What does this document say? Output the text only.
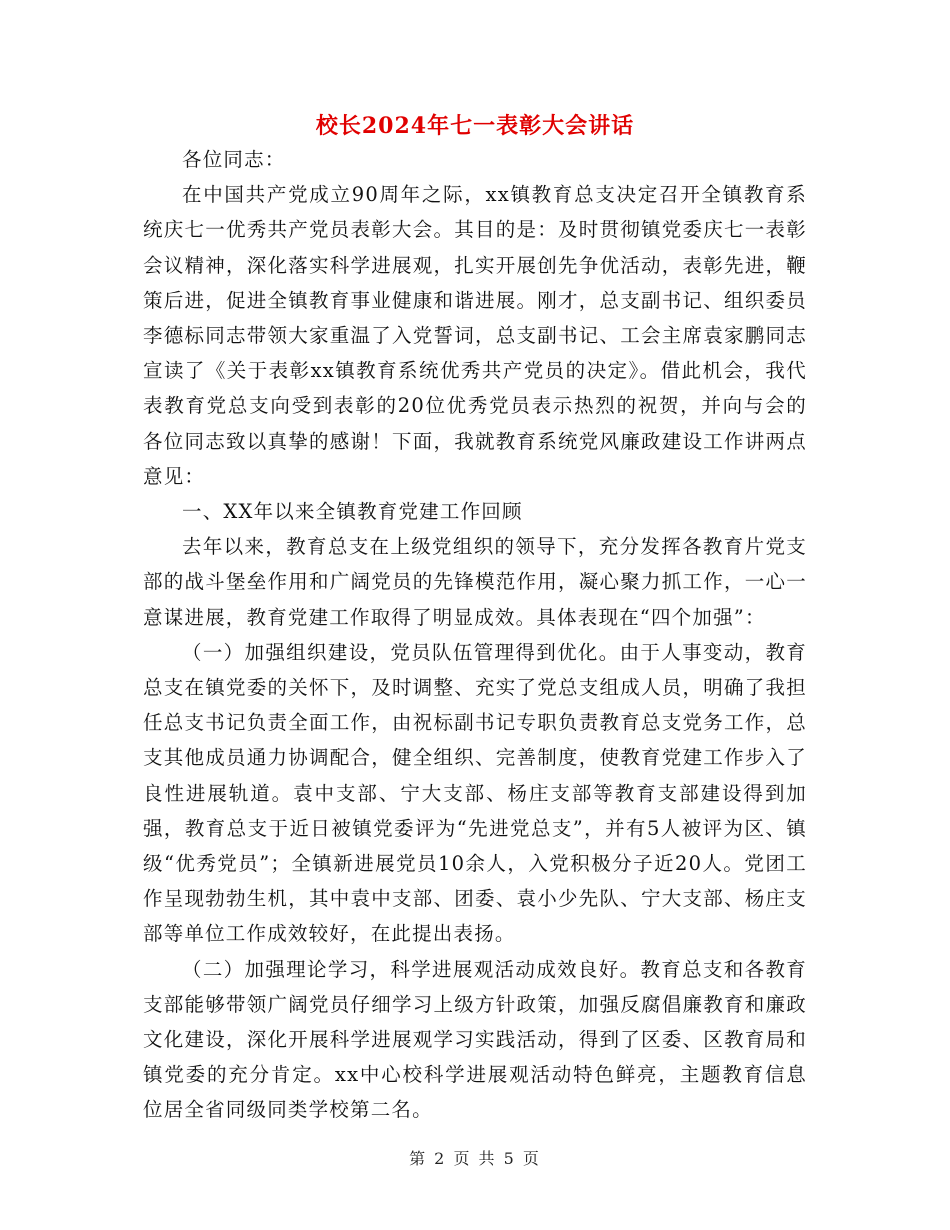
校长2024年七一表彰大会讲话

各位同志：

在中国共产党成立90周年之际，xx镇教育总支决定召开全镇教育系统庆七一优秀共产党员表彰大会。其目的是：及时贯彻镇党委庆七一表彰会议精神，深化落实科学进展观，扎实开展创先争优活动，表彰先进，鞭策后进，促进全镇教育事业健康和谐进展。刚才，总支副书记、组织委员李德标同志带领大家重温了入党誓词，总支副书记、工会主席袁家鹏同志宣读了《关于表彰xx镇教育系统优秀共产党员的决定》。借此机会，我代表教育党总支向受到表彰的20位优秀党员表示热烈的祝贺，并向与会的各位同志致以真挚的感谢！下面，我就教育系统党风廉政建设工作讲两点意见：

一、XX年以来全镇教育党建工作回顾

去年以来，教育总支在上级党组织的领导下，充分发挥各教育片党支部的战斗堡垒作用和广阔党员的先锋模范作用，凝心聚力抓工作，一心一意谋进展，教育党建工作取得了明显成效。具体表现在“四个加强”：

（一）加强组织建设，党员队伍管理得到优化。由于人事变动，教育总支在镇党委的关怀下，及时调整、充实了党总支组成人员，明确了我担任总支书记负责全面工作，由祝标副书记专职负责教育总支党务工作，总支其他成员通力协调配合，健全组织、完善制度，使教育党建工作步入了良性进展轨道。袁中支部、宁大支部、杨庄支部等教育支部建设得到加强，教育总支于近日被镇党委评为“先进党总支”，并有5人被评为区、镇级“优秀党员”；全镇新进展党员10余人，入党积极分子近20人。党团工作呈现勃勃生机，其中袁中支部、团委、袁小少先队、宁大支部、杨庄支部等单位工作成效较好，在此提出表扬。

（二）加强理论学习，科学进展观活动成效良好。教育总支和各教育支部能够带领广阔党员仔细学习上级方针政策，加强反腐倡廉教育和廉政文化建设，深化开展科学进展观学习实践活动，得到了区委、区教育局和镇党委的充分肯定。xx中心校科学进展观活动特色鲜亮，主题教育信息位居全省同级同类学校第二名。

第 2 页 共 5 页
